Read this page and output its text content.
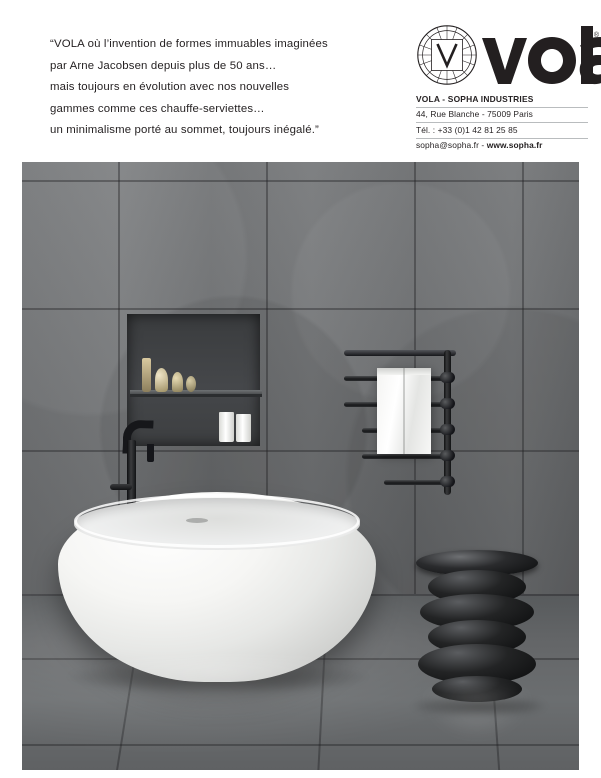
“VOLA où l’invention de formes immuables imaginées
par Arne Jacobsen depuis plus de 50 ans…
mais toujours en évolution avec nos nouvelles
gammes comme ces chauffe-serviettes…
un minimalisme porté au sommet, toujours inégalé.”
®
VOLA - SOPHA INDUSTRIES
44, Rue Blanche - 75009 Paris
Tél. : +33 (0)1 42 81 25 85
sopha@sopha.fr - www.sopha.fr
